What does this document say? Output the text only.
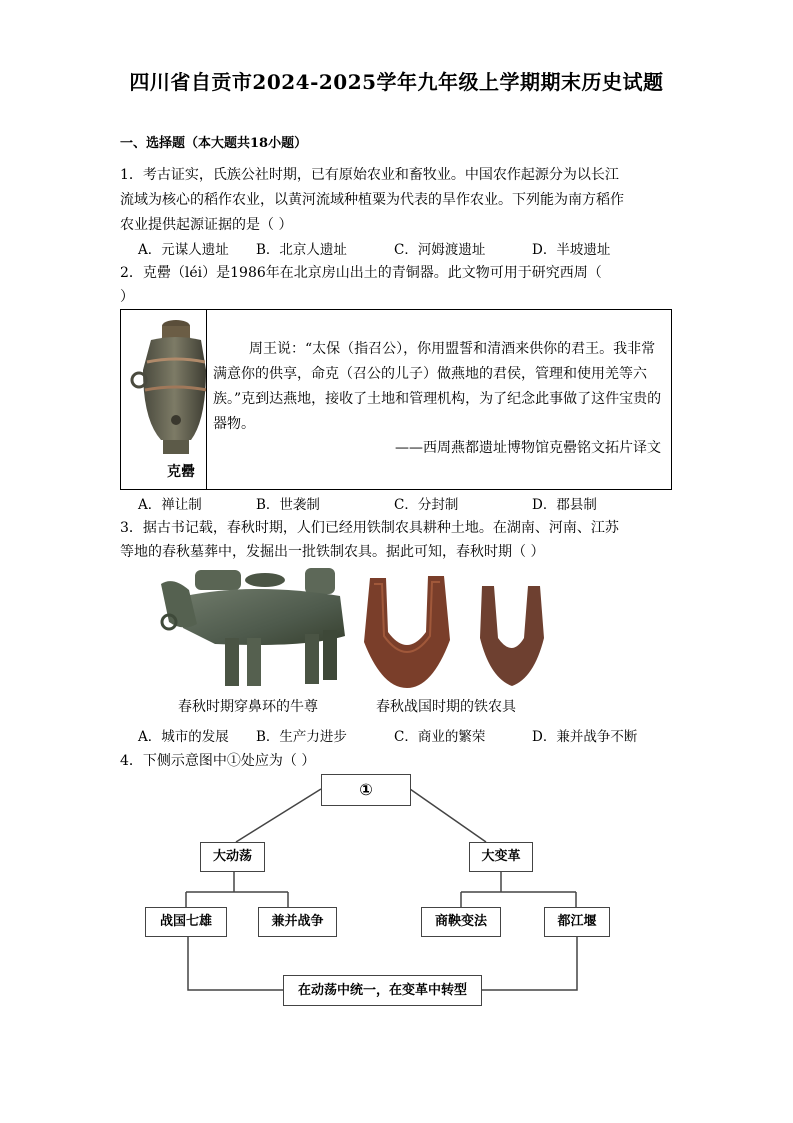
四川省自贡市2024-2025学年九年级上学期期末历史试题
一、选择题（本大题共18小题）
1．考古证实，氏族公社时期，已有原始农业和畜牧业。中国农作起源分为以长江
流域为核心的稻作农业，以黄河流域种植粟为代表的旱作农业。下列能为南方稻作
农业提供起源证据的是（ ）
A．元谋人遗址 B．北京人遗址	C．河姆渡遗址	D．半坡遗址
2．克罍（léi）是1986年在北京房山出土的青铜器。此文物可用于研究西周（
）
克罍
周王说：“太保（指召公），你用盟誓和清酒来供你的君王。我非常满意你的供享，命克（召公的儿子）做燕地的君侯，管理和使用羌等六族。”克到达燕地，接收了土地和管理机构，为了纪念此事做了这件宝贵的器物。
——西周燕都遗址博物馆克罍铭文拓片译文
A．禅让制	B．世袭制	C．分封制	D．郡县制
3．据古书记载，春秋时期，人们已经用铁制农具耕种土地。在湖南、河南、江苏
等地的春秋墓葬中，发掘出一批铁制农具。据此可知，春秋时期（ ）
春秋时期穿鼻环的牛尊	春秋战国时期的铁农具
A．城市的发展 B．生产力进步	C．商业的繁荣	D．兼并战争不断
4．下侧示意图中①处应为（ ）
①
大动荡	大变革
战国七雄	兼并战争	商鞅变法	都江堰
在动荡中统一，在变革中转型
